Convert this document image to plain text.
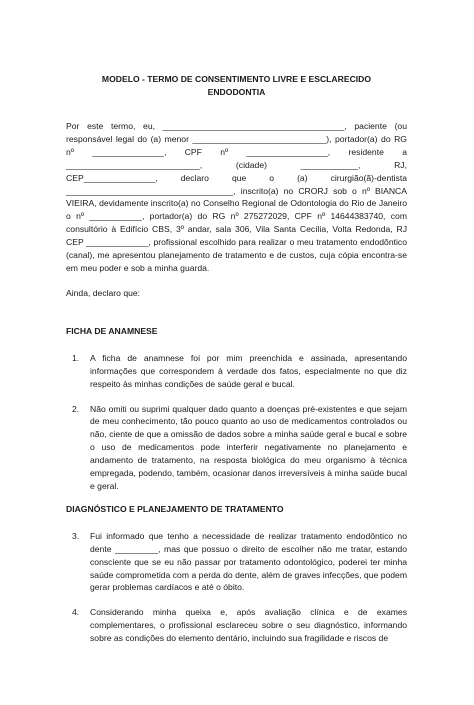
MODELO - TERMO DE CONSENTIMENTO LIVRE E ESCLARECIDO
ENDODONTIA

Por este termo, eu, ______________________________________, paciente (ou responsável legal do (a) menor ____________________________), portador(a) do RG nº _______________, CPF nº _________________, residente a ____________________________, (cidade) ____________, RJ, CEP_______________, declaro que o (a) cirurgião(ã)-dentista ___________________________________, inscrito(a) no CRORJ sob o nº BIANCA VIEIRA, devidamente inscrito(a) no Conselho Regional de Odontologia do Rio de Janeiro o nº ___________, portador(a) do RG nº 275272029, CPF nº 14644383740, com consultório à Edifício CBS, 3º andar, sala 306, Vila Santa Cecília, Volta Redonda, RJ CEP _____________, profissional escolhido para realizar o meu tratamento endodôntico (canal), me apresentou planejamento de tratamento e de custos, cuja cópia encontra-se em meu poder e sob a minha guarda.

Ainda, declaro que:

FICHA DE ANAMNESE
1.	A ficha de anamnese foi por mim preenchida e assinada, apresentando informações que correspondem à verdade dos fatos, especialmente no que diz respeito às minhas condições de saúde geral e bucal.
2.	Não omiti ou suprimi qualquer dado quanto a doenças pré-existentes e que sejam de meu conhecimento, tão pouco quanto ao uso de medicamentos controlados ou não, ciente de que a omissão de dados sobre a minha saúde geral e bucal e sobre o uso de medicamentos pode interferir negativamente no planejamento e andamento de tratamento, na resposta biológica do meu organismo à técnica empregada, podendo, também, ocasionar danos irreversíveis à minha saúde bucal e geral.
DIAGNÓSTICO E PLANEJAMENTO DE TRATAMENTO
3.	Fui informado que tenho a necessidade de realizar tratamento endodôntico no dente _________, mas que possuo o direito de escolher não me tratar, estando consciente que se eu não passar por tratamento odontológico, poderei ter minha saúde comprometida com a perda do dente, além de graves infecções, que podem gerar problemas cardíacos e até o óbito.
4.	Considerando minha queixa e, após avaliação clínica e de exames complementares, o profissional esclareceu sobre o seu diagnóstico, informando sobre as condições do elemento dentário, incluindo sua fragilidade e riscos de
